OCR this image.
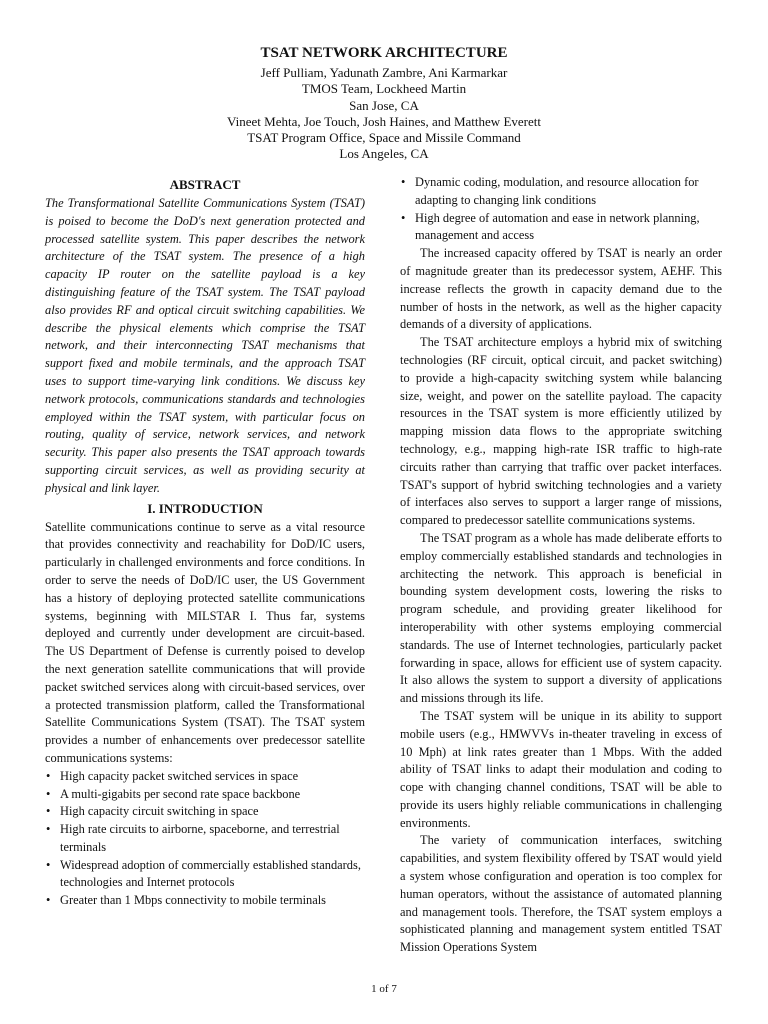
TSAT NETWORK ARCHITECTURE
Jeff Pulliam, Yadunath Zambre, Ani Karmarkar
TMOS Team, Lockheed Martin
San Jose, CA
Vineet Mehta, Joe Touch, Josh Haines, and Matthew Everett
TSAT Program Office, Space and Missile Command
Los Angeles, CA
ABSTRACT

The Transformational Satellite Communications System (TSAT) is poised to become the DoD's next generation protected and processed satellite system. This paper describes the network architecture of the TSAT system. The presence of a high capacity IP router on the satellite payload is a key distinguishing feature of the TSAT system. The TSAT payload also provides RF and optical circuit switching capabilities. We describe the physical elements which comprise the TSAT network, and their interconnecting TSAT mechanisms that support fixed and mobile terminals, and the approach TSAT uses to support time-varying link conditions. We discuss key network protocols, communications standards and technologies employed within the TSAT system, with particular focus on routing, quality of service, network services, and network security. This paper also presents the TSAT approach towards supporting circuit services, as well as providing security at physical and link layer.

I. INTRODUCTION

Satellite communications continue to serve as a vital resource that provides connectivity and reachability for DoD/IC users, particularly in challenged environments and force conditions. In order to serve the needs of DoD/IC user, the US Government has a history of deploying protected satellite communications systems, beginning with MILSTAR I. Thus far, systems deployed and currently under development are circuit-based. The US Department of Defense is currently poised to develop the next generation satellite communications that will provide packet switched services along with circuit-based services, over a protected transmission platform, called the Transformational Satellite Communications System (TSAT). The TSAT system provides a number of enhancements over predecessor satellite communications systems:

• High capacity packet switched services in space
• A multi-gigabits per second rate space backbone
• High capacity circuit switching in space
• High rate circuits to airborne, spaceborne, and terrestrial terminals
• Widespread adoption of commercially established standards, technologies and Internet protocols
• Greater than 1 Mbps connectivity to mobile terminals
• Dynamic coding, modulation, and resource allocation for adapting to changing link conditions
• High degree of automation and ease in network planning, management and access

The increased capacity offered by TSAT is nearly an order of magnitude greater than its predecessor system, AEHF. This increase reflects the growth in capacity demand due to the number of hosts in the network, as well as the higher capacity demands of a diversity of applications.

The TSAT architecture employs a hybrid mix of switching technologies (RF circuit, optical circuit, and packet switching) to provide a high-capacity switching system while balancing size, weight, and power on the satellite payload. The capacity resources in the TSAT system is more efficiently utilized by mapping mission data flows to the appropriate switching technology, e.g., mapping high-rate ISR traffic to high-rate circuits rather than carrying that traffic over packet interfaces. TSAT's support of hybrid switching technologies and a variety of interfaces also serves to support a larger range of missions, compared to predecessor satellite communications systems.

The TSAT program as a whole has made deliberate efforts to employ commercially established standards and technologies in architecting the network. This approach is beneficial in bounding system development costs, lowering the risks to program schedule, and providing greater likelihood for interoperability with other systems employing commercial standards. The use of Internet technologies, particularly packet forwarding in space, allows for efficient use of system capacity. It also allows the system to support a diversity of applications and missions through its life.

The TSAT system will be unique in its ability to support mobile users (e.g., HMWVVs in-theater traveling in excess of 10 Mph) at link rates greater than 1 Mbps. With the added ability of TSAT links to adapt their modulation and coding to cope with changing channel conditions, TSAT will be able to provide its users highly reliable communications in challenging environments.

The variety of communication interfaces, switching capabilities, and system flexibility offered by TSAT would yield a system whose configuration and operation is too complex for human operators, without the assistance of automated planning and management tools. Therefore, the TSAT system employs a sophisticated planning and management system entitled TSAT Mission Operations System

1 of 7
